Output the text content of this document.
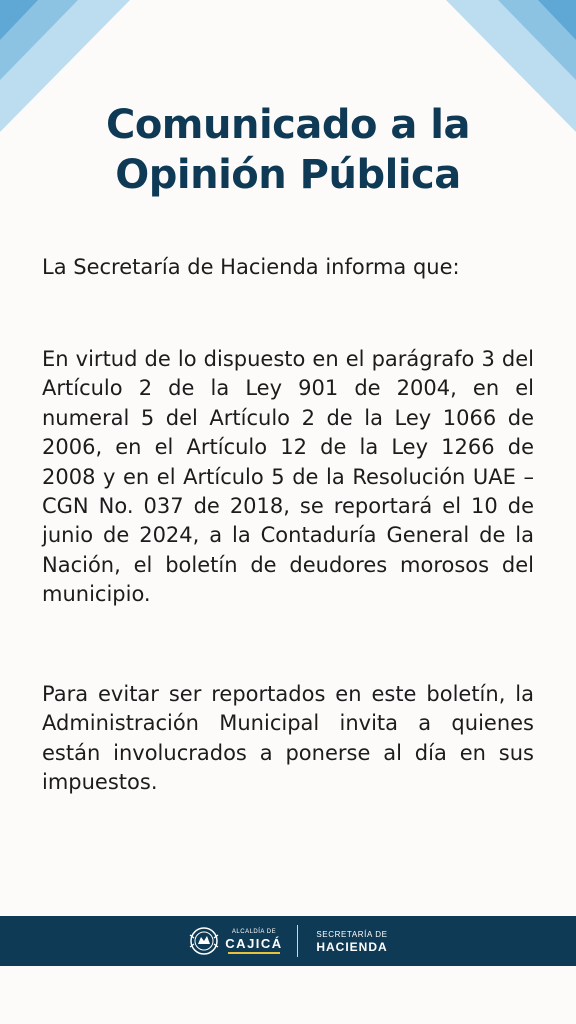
Comunicado a la
Opinión Pública
La Secretaría de Hacienda informa que:

En virtud de lo dispuesto en el parágrafo 3 del Artículo 2 de la Ley 901 de 2004, en el numeral 5 del Artículo 2 de la Ley 1066 de 2006, en el Artículo 12 de la Ley 1266 de 2008 y en el Artículo 5 de la Resolución UAE – CGN No. 037 de 2018, se reportará el 10 de junio de 2024, a la Contaduría General de la Nación, el boletín de deudores morosos del municipio.

Para evitar ser reportados en este boletín, la Administración Municipal invita a quienes están involucrados a ponerse al día en sus impuestos.

ALCALDÍA DE
CAJICÁ
SECRETARÍA DE
HACIENDA
